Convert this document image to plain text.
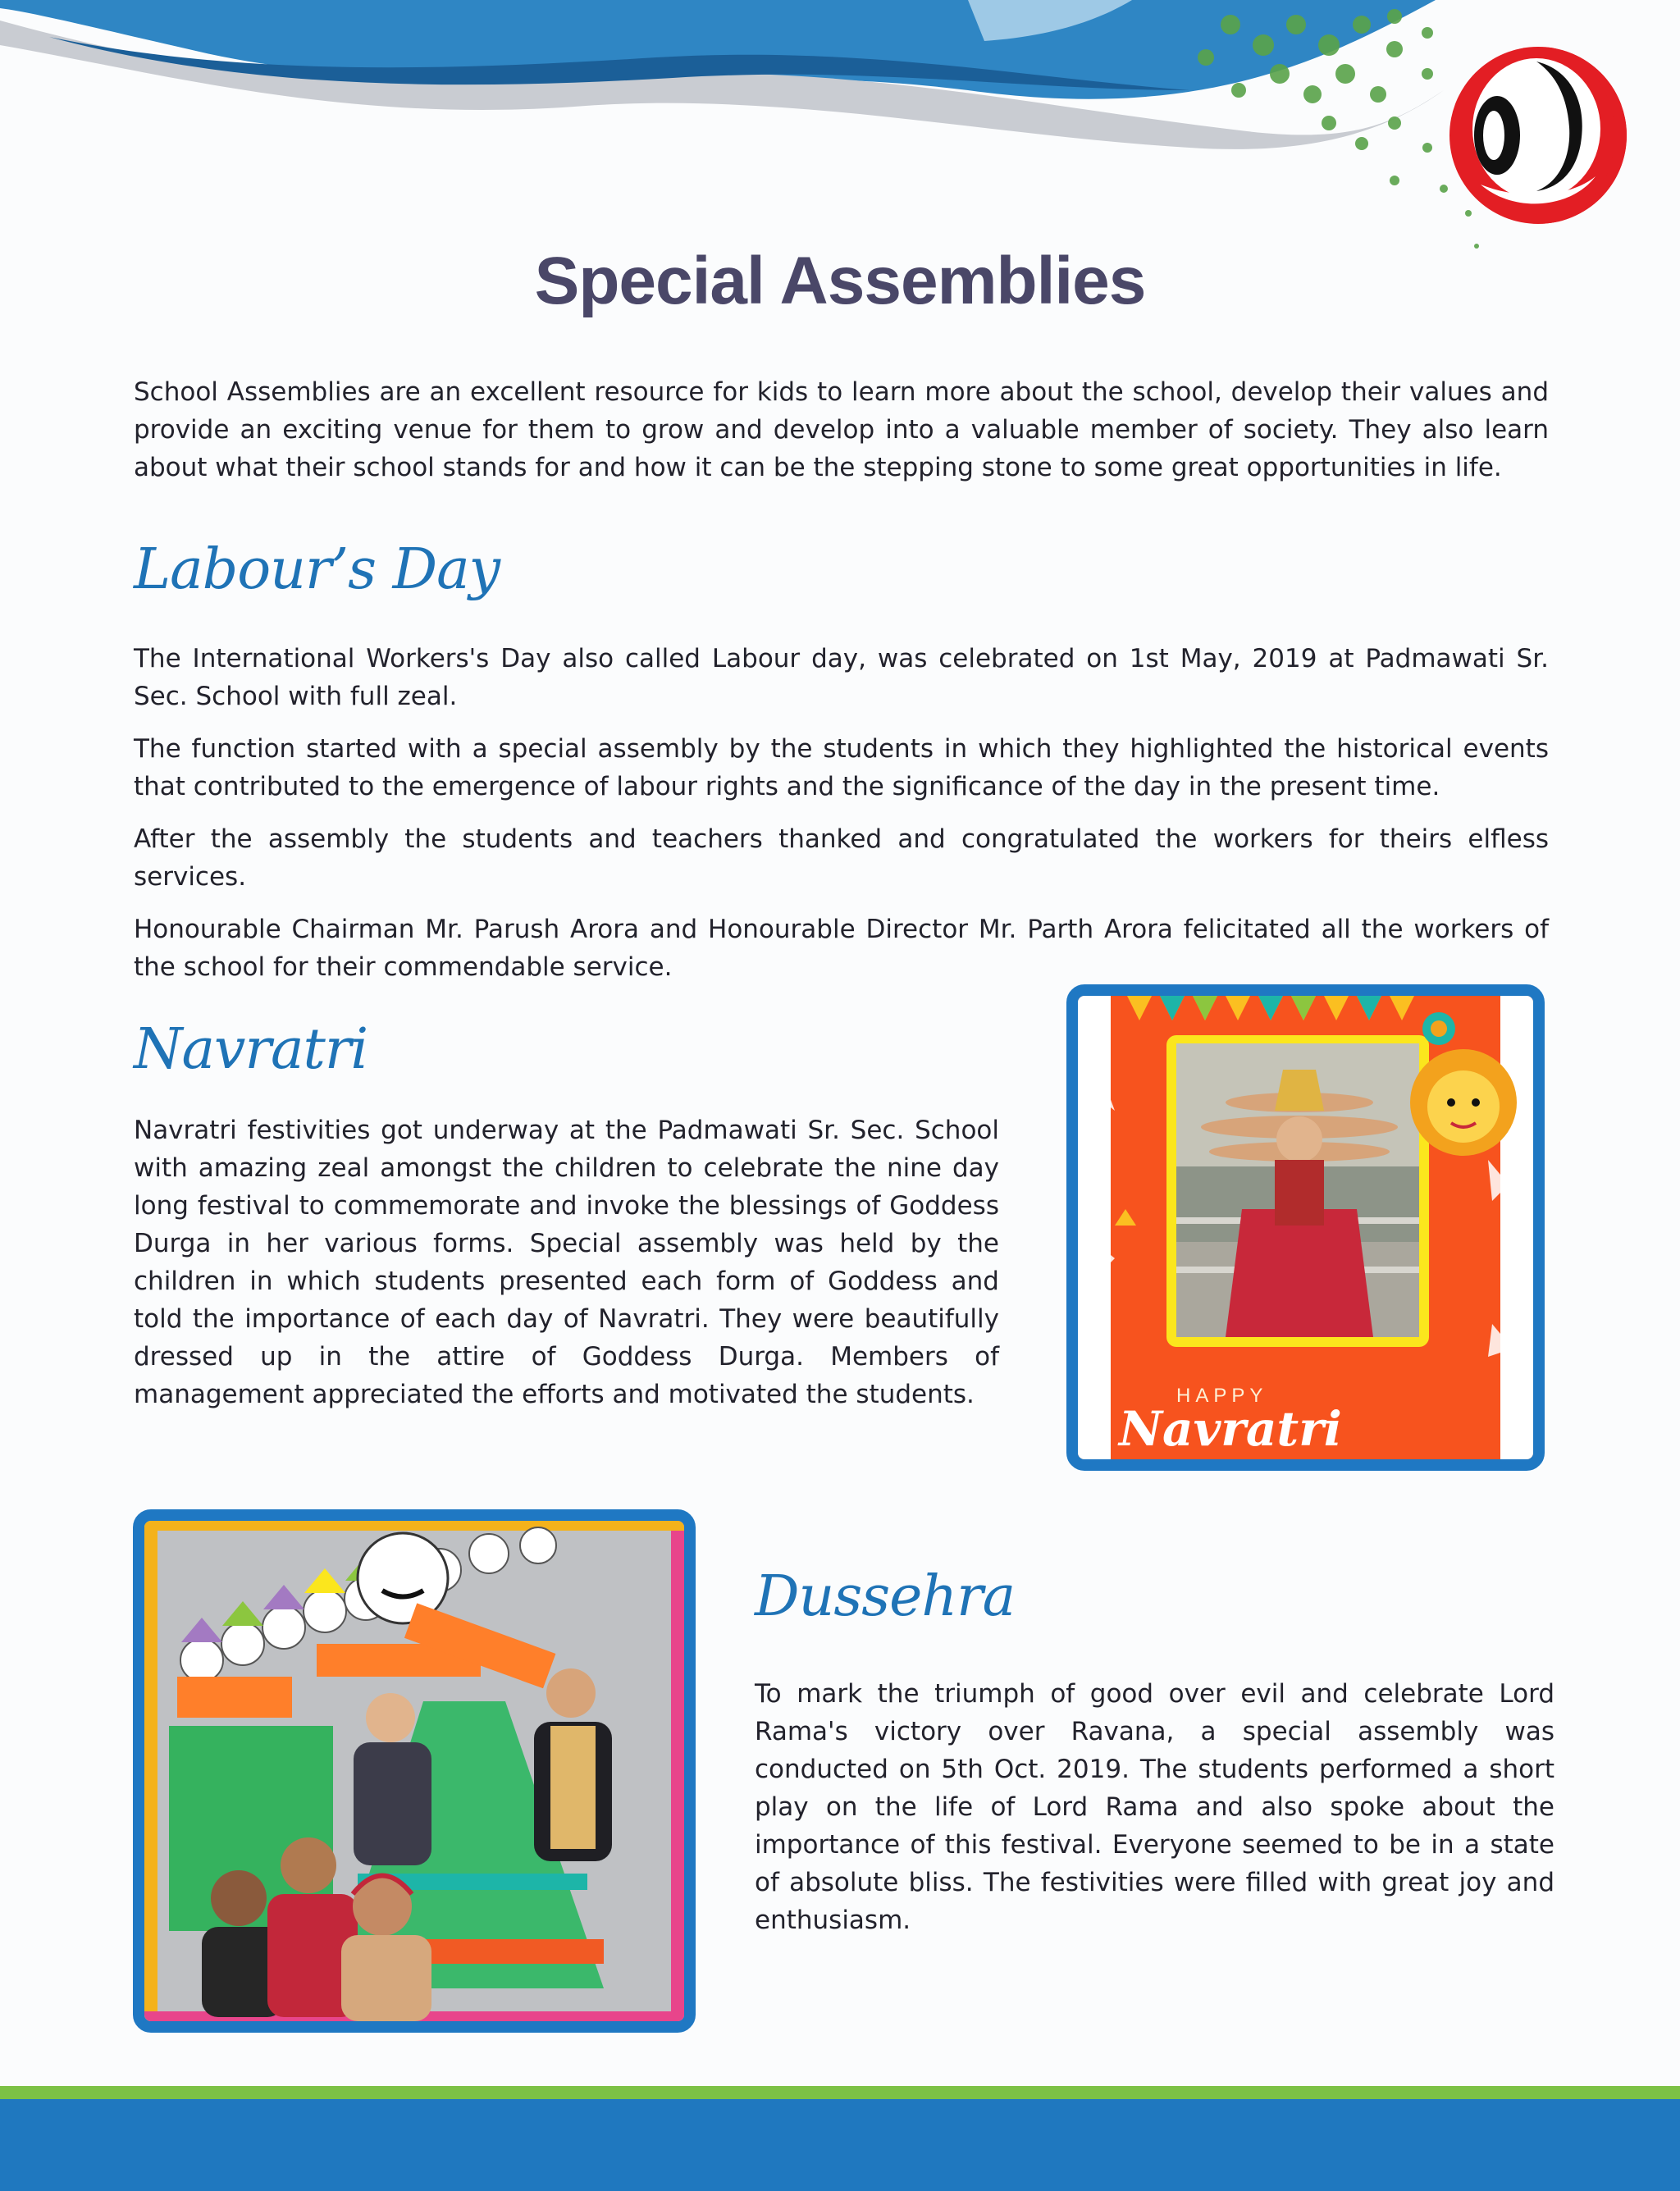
Special Assemblies

School Assemblies are an excellent resource for kids to learn more about the school, develop their values and provide an exciting venue for them to grow and develop into a valuable member of society. They also learn about what their school stands for and how it can be the stepping stone to some great opportunities in life.

Labour’s Day

The International Workers's Day also called Labour day, was celebrated on 1st May, 2019 at Padmawati Sr. Sec. School with full zeal.

The function started with a special assembly by the students in which they highlighted the historical events that contributed to the emergence of labour rights and the significance of the day in the present time.

After the assembly the students and teachers thanked and congratulated the workers for theirs elfless services.

Honourable Chairman Mr. Parush Arora and Honourable Director Mr. Parth Arora felicitated all the workers of the school for their commendable service.

Navratri

Navratri festivities got underway at the Padmawati Sr. Sec. School with amazing zeal amongst the children to celebrate the nine day long festival to commemorate and invoke the blessings of Goddess Durga in her various forms. Special assembly was held by the children in which students presented each form of Goddess and told the importance of each day of Navratri. They were beautifully dressed up in the attire of Goddess Durga. Members of management appreciated the efforts and motivated the students.	HAPPY
Navratri
Dussehra

To mark the triumph of good over evil and celebrate Lord Rama's victory over Ravana, a special assembly was conducted on 5th Oct. 2019. The students performed a short play on the life of Lord Rama and also spoke about the importance of this festival. Everyone seemed to be in a state of absolute bliss. The festivities were filled with great joy and enthusiasm.
